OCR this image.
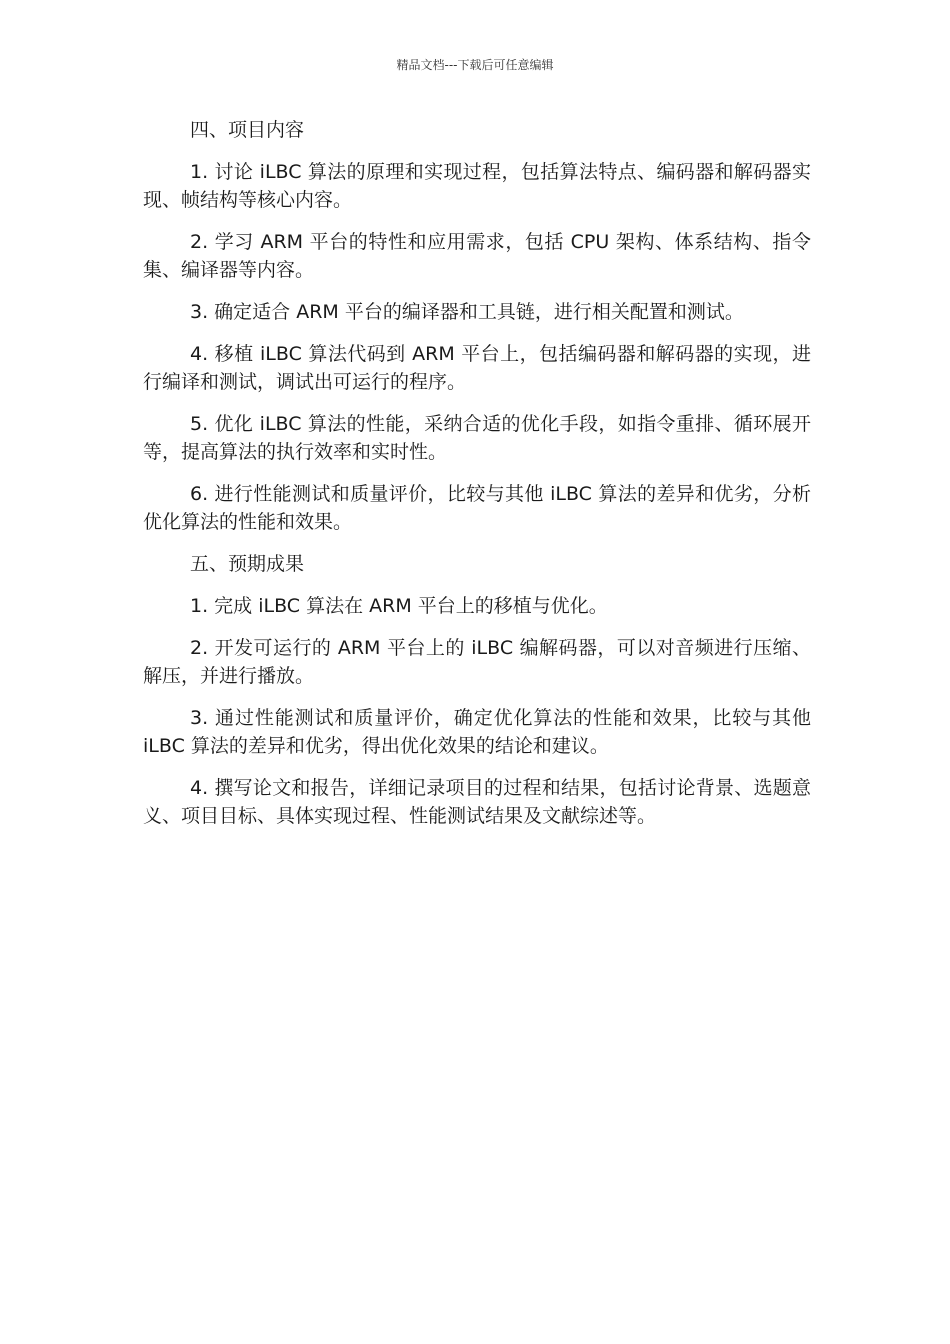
精品文档---下载后可任意编辑
四、项目内容

1. 讨论 iLBC 算法的原理和实现过程，包括算法特点、编码器和解码器实现、帧结构等核心内容。

2. 学习 ARM 平台的特性和应用需求，包括 CPU 架构、体系结构、指令集、编译器等内容。

3. 确定适合 ARM 平台的编译器和工具链，进行相关配置和测试。

4. 移植 iLBC 算法代码到 ARM 平台上，包括编码器和解码器的实现，进行编译和测试，调试出可运行的程序。

5. 优化 iLBC 算法的性能，采纳合适的优化手段，如指令重排、循环展开等，提高算法的执行效率和实时性。

6. 进行性能测试和质量评价，比较与其他 iLBC 算法的差异和优劣，分析优化算法的性能和效果。

五、预期成果

1. 完成 iLBC 算法在 ARM 平台上的移植与优化。

2. 开发可运行的 ARM 平台上的 iLBC 编解码器，可以对音频进行压缩、解压，并进行播放。

3. 通过性能测试和质量评价，确定优化算法的性能和效果，比较与其他 iLBC 算法的差异和优劣，得出优化效果的结论和建议。

4. 撰写论文和报告，详细记录项目的过程和结果，包括讨论背景、选题意义、项目目标、具体实现过程、性能测试结果及文献综述等。
